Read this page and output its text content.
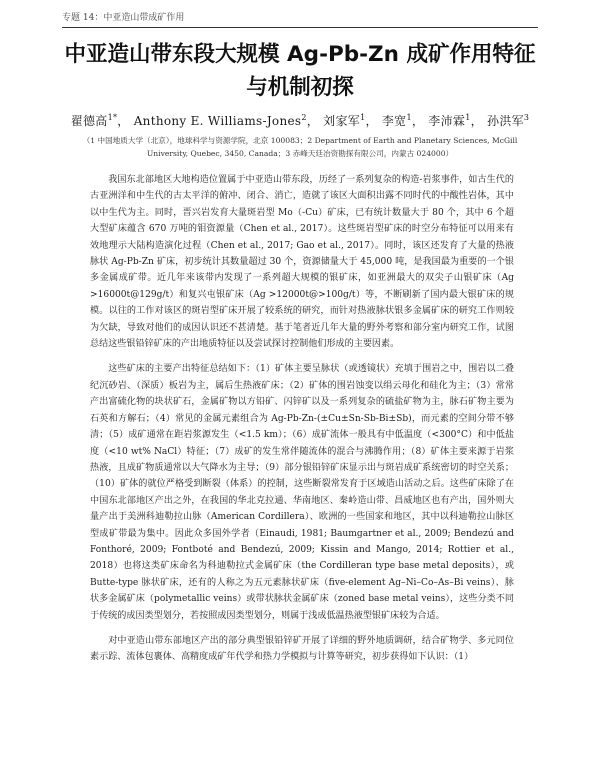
专题 14：中亚造山带成矿作用
中亚造山带东段大规模 Ag-Pb-Zn 成矿作用特征
与机制初探
翟德高$^{1*}$， Anthony E. Williams-Jones$^2$， 刘家军$^1$， 李宽$^1$， 李沛霖$^1$， 孙洪军$^3$
（1 中国地质大学（北京），地球科学与资源学院，北京 100083；2 Department of Earth and Planetary Sciences, McGill
University, Quebec, 3450, Canada；3 赤峰天廷冶资勘探有限公司，内蒙古 024000）

我国东北部地区大地构造位置属于中亚造山带东段，历经了一系列复杂的构造-岩浆事件，如古生代的古亚洲洋和中生代的古太平洋的俯冲、闭合、消亡，造就了该区大面积出露不同时代的中酸性岩体，其中以中生代为主。同时，晋兴岩发育大量斑岩型 Mo（-Cu）矿床，已有统计数量大于 80 个，其中 6 个超大型矿床蕴含 670 万吨的钼资源量（Chen et al., 2017）。这些斑岩型矿床的时空分布特征可以用来有效地理示大陆构造演化过程（Chen et al., 2017; Gao et al., 2017）。同时，该区还发育了大量的热液脉状 Ag-Pb-Zn 矿床，初步统计其数量超过 30 个，资源储量大于 45,000 吨，是我国最为重要的一个银多金属成矿带。近几年来该带内发现了一系列超大规模的银矿床，如亚洲最大的双尖子山银矿床（Ag >16000t@129g/t）和复兴屯银矿床（Ag >12000t@>100g/t）等，不断刷新了国内最大银矿床的规模。以往的工作对该区的斑岩型矿床开展了较系统的研究，而针对热液脉状银多金属矿床的研究工作则较为欠缺，导致对他们的成因认识还不甚清楚。基于笔者近几年大量的野外考察和部分室内研究工作，试图总结这些银铅锌矿床的产出地质特征以及尝试探讨控制他们形成的主要因素。

这些矿床的主要产出特征总结如下：（1）矿体主要呈脉状（或透镜状）充填于围岩之中，围岩以二叠纪沉砂岩、（深质）板岩为主，属后生热液矿床；（2）矿体的围岩蚀变以绢云母化和硅化为主；（3）常常产出富硫化物的块状矿石，金属矿物以方铅矿、闪锌矿以及一系列复杂的硫盐矿物为主，脉石矿物主要为石英和方解石；（4）常见的金属元素组合为 Ag-Pb-Zn-(±Cu±Sn-Sb-Bi±Sb)，而元素的空间分带不够清；（5）成矿通常在距岩浆源发生（<1.5 km）；（6）成矿流体一般具有中低温度（<300°C）和中低盐度（<10 wt% NaCl）特征；（7）成矿的发生常伴随流体的混合与沸腾作用；（8）矿体主要来源于岩浆热液，且成矿物质通常以大气降水为主导；（9）部分银铅锌矿床显示出与斑岩成矿系统密切的时空关系；（10）矿体的就位严格受到断裂（体系）的控制，这些断裂常发育于区域造山活动之后。这些矿床除了在中国东北部地区产出之外，在我国的华北克拉通、华南地区、秦岭造山带、昌威地区也有产出，国外则大量产出于美洲科迪勒拉山脉（American Cordillera）、欧洲的一些国家和地区，其中以科迪勒拉山脉区型成矿带最为集中。因此众多国外学者（Einaudi, 1981; Baumgartner et al., 2009; Bendezú and Fonthoré, 2009; Fontboté and Bendezú, 2009; Kissin and Mango, 2014; Rottier et al., 2018）也将这类矿床命名为科迪勒拉式金属矿床（the Cordilleran type base metal deposits），或 Butte-type 脉状矿床，还有的人称之为五元素脉状矿床（five-element Ag–Ni–Co–As–Bi veins）、脉状多金属矿床（polymetallic veins）或带状脉状金属矿床（zoned base metal veins），这些分类不同于传统的成因类型划分，若按照成因类型划分，则属于浅成低温热液型银矿床较为合适。

对中亚造山带东部地区产出的部分典型银铅锌矿开展了详细的野外地质调研，结合矿物学、多元同位素示踪、流体包裹体、高精度成矿年代学和热力学模拟与计算等研究，初步获得如下认识：（1）
